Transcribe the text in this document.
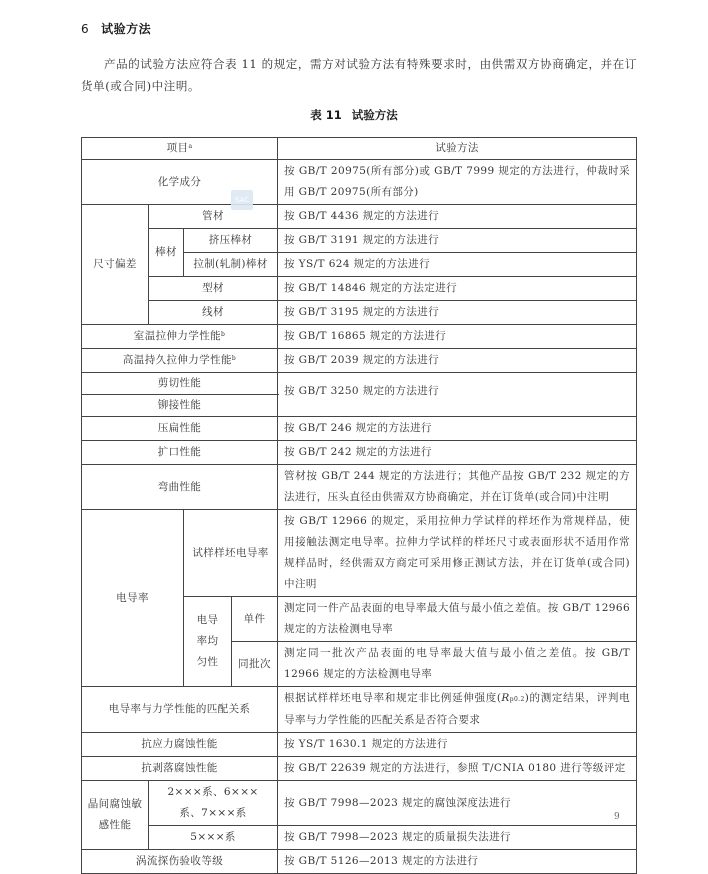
6 试验方法
产品的试验方法应符合表 11 的规定，需方对试验方法有特殊要求时，由供需双方协商确定，并在订货单(或合同)中注明。
表 11 试验方法
项目$^a$				试验方法
化学成分				按 GB/T 20975(所有部分)或 GB/T 7999 规定的方法进行，仲裁时采用 GB/T 20975(所有部分)
尺寸偏差	管材			按 GB/T 4436 规定的方法进行
	棒材	挤压棒材		按 GB/T 3191 规定的方法进行
		拉制(轧制)棒材		按 YS/T 624 规定的方法进行
	型材			按 GB/T 14846 规定的方法定进行
	线材			按 GB/T 3195 规定的方法进行
室温拉伸力学性能$^b$				按 GB/T 16865 规定的方法进行
高温持久拉伸力学性能$^b$				按 GB/T 2039 规定的方法进行
剪切性能				按 GB/T 3250 规定的方法进行
铆接性能				
压扁性能				按 GB/T 246 规定的方法进行
扩口性能				按 GB/T 242 规定的方法进行
弯曲性能				管材按 GB/T 244 规定的方法进行；其他产品按 GB/T 232 规定的方法进行，压头直径由供需双方协商确定，并在订货单(或合同)中注明
电导率		试样样坯电导率		按 GB/T 12966 的规定，采用拉伸力学试样的样坯作为常规样品，使用接触法测定电导率。拉伸力学试样的样坯尺寸或表面形状不适用作常规样品时，经供需双方商定可采用修正测试方法，并在订货单(或合同)中注明
		电导率均匀性	单件	测定同一件产品表面的电导率最大值与最小值之差值。按 GB/T 12966 规定的方法检测电导率
			同批次	测定同一批次产品表面的电导率最大值与最小值之差值。按 GB/T 12966 规定的方法检测电导率
电导率与力学性能的匹配关系				根据试样样坯电导率和规定非比例延伸强度(Rp0.2)的测定结果，评判电导率与力学性能的匹配关系是否符合要求
抗应力腐蚀性能				按 YS/T 1630.1 规定的方法进行
抗剥落腐蚀性能				按 GB/T 22639 规定的方法进行，参照 T/CNIA 0180 进行等级评定
晶间腐蚀敏感性能	2×××系、6×××系、7×××系			按 GB/T 7998—2023 规定的腐蚀深度法进行
	5×××系			按 GB/T 7998—2023 规定的质量损失法进行
涡流探伤验收等级				按 GB/T 5126—2013 规定的方法进行
SAC
9
